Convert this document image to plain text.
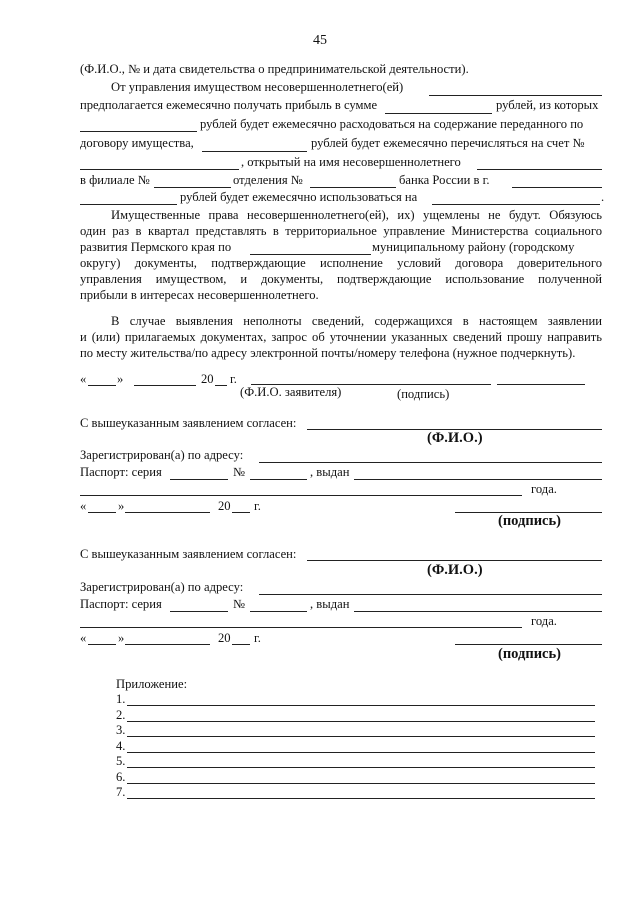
45
(Ф.И.О., № и дата свидетельства о предпринимательской деятельности).
От управления имуществом несовершеннолетнего(ей)
предполагается ежемесячно получать прибыль в сумме	рублей, из которых
рублей будет ежемесячно расходоваться на содержание переданного по
договору имущества,	рублей будет ежемесячно перечисляться на счет №
, открытый на имя несовершеннолетнего
в филиале №	отделения №	банка России в г.
рублей будет ежемесячно использоваться на	.
Имущественные права несовершеннолетнего(ей), их) ущемлены не будут. Обязуюсь
один раз в квартал представлять в территориальное управление Министерства социального
развития Пермского края по	муниципальному району (городскому
округу) документы, подтверждающие исполнение условий договора доверительного
управления имуществом, и документы, подтверждающие использование полученной
прибыли в интересах несовершеннолетнего.
В случае выявления неполноты сведений, содержащихся в настоящем заявлении
и (или) прилагаемых документах, запрос об уточнении указанных сведений прошу направить
по месту жительства/по адресу электронной почты/номеру телефона (нужное подчеркнуть).
« »	20 г.
(Ф.И.О. заявителя)	(подпись)
С вышеуказанным заявлением согласен:
(Ф.И.О.)
Зарегистрирован(а) по адресу:
Паспорт: серия	№	, выдан
года.
«	»	20 г.
(подпись)
С вышеуказанным заявлением согласен:
(Ф.И.О.)
Зарегистрирован(а) по адресу:
Паспорт: серия	№	, выдан
года.
«	»	20 г.
(подпись)
Приложение:
1.
2.
3.
4.
5.
6.
7.
